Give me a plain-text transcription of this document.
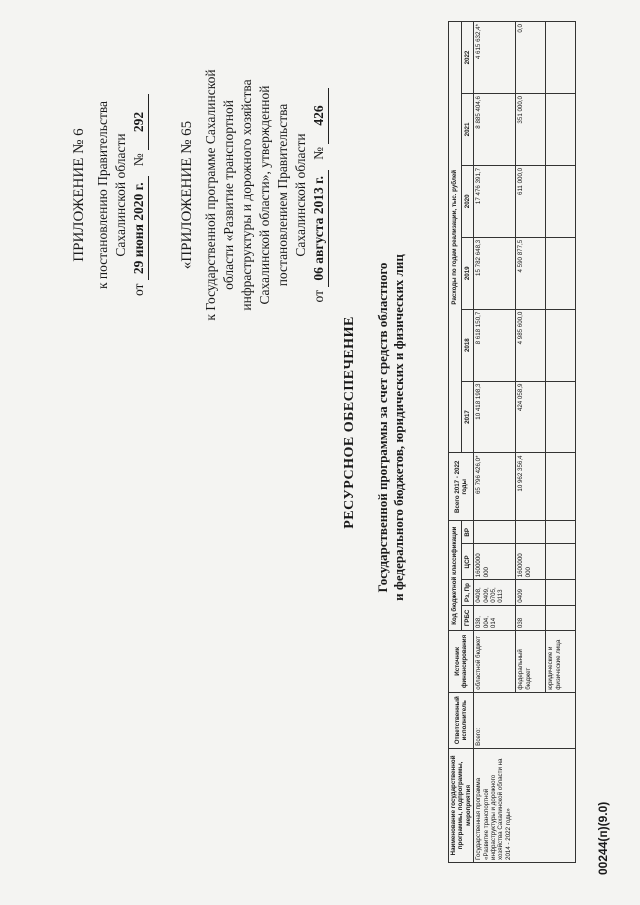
ПРИЛОЖЕНИЕ № 6 к постановлению Правительства Сахалинской области
от 29 июня 2020 г.   № 292 «ПРИЛОЖЕНИЕ № 65 к Государственной программе Сахалинской области «Развитие транспортной инфраструктуры и дорожного хозяйства Сахалинской области», утвержденной постановлением Правительства Сахалинской области
от 06 августа 2013 г.   № 426
РЕСУРСНОЕ ОБЕСПЕЧЕНИЕ Государственной программы за счет средств областного и федерального бюджетов, юридических и физических лиц
Наименование государственной программы, подпрограммы, мероприятия	Ответственный исполнитель	Источник финансирования	Код бюджетной классификации				Всего 2017 - 2022 годы	Расходы по годам реализации, тыс. рублей					
			ГРБС	Рз, Пр	ЦСР	ВР		2017	2018	2019	2020	2021	2022
Государственная программа «Развитие транспортной инфраструктуры и дорожного хозяйства Сахалинской области на 2014 - 2022 годы»	Всего:	областной бюджет	038, 004, 014	0408, 0409, 0705, 0113	1600000 000		65 796 426,0*	10 418 198,3	8 618 150,7	15 782 648,3	17 476 391,7	8 885 404,6	4 615 632,4*
		федеральный бюджет	038	0409	1600000 000		10 962 356,4	424 058,9	4 985 600,0	4 590 877,5	611 000,0	351 000,0	0,0
		юридические и физические лица											
00244(п)(9.0)
